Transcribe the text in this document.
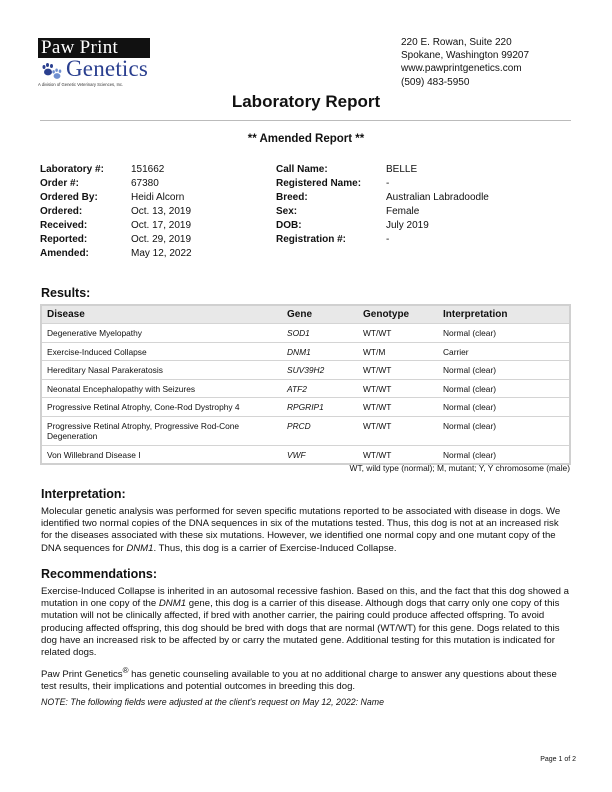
Paw Print
Genetics
A division of Genetic Veterinary Sciences, Inc.
220 E. Rowan, Suite 220
Spokane, Washington 99207
www.pawprintgenetics.com
(509) 483-5950
Laboratory Report
** Amended Report **
Laboratory #:	151662
Order #:	67380
Ordered By:	Heidi Alcorn
Ordered:	Oct. 13, 2019
Received:	Oct. 17, 2019
Reported:	Oct. 29, 2019
Amended:	May 12, 2022
Call Name:	BELLE
Registered Name:	-
Breed:	Australian Labradoodle
Sex:	Female
DOB:	July 2019
Registration #:	-
Results:
Disease	Gene	Genotype	Interpretation
Degenerative Myelopathy	SOD1	WT/WT	Normal (clear)
Exercise-Induced Collapse	DNM1	WT/M	Carrier
Hereditary Nasal Parakeratosis	SUV39H2	WT/WT	Normal (clear)
Neonatal Encephalopathy with Seizures	ATF2	WT/WT	Normal (clear)
Progressive Retinal Atrophy, Cone-Rod Dystrophy 4	RPGRIP1	WT/WT	Normal (clear)
Progressive Retinal Atrophy, Progressive Rod-Cone Degeneration
PRCD	WT/WT	Normal (clear)
Von Willebrand Disease I	VWF	WT/WT	Normal (clear)
WT, wild type (normal); M, mutant; Y, Y chromosome (male)
Interpretation:
Molecular genetic analysis was performed for seven specific mutations reported to be associated with disease in dogs. We identified two normal copies of the DNA sequences in six of the mutations tested. Thus, this dog is not at an increased risk for the diseases associated with these six mutations. However, we identified one normal copy and one mutant copy of the DNA sequences for DNM1. Thus, this dog is a carrier of Exercise-Induced Collapse.
Recommendations:
Exercise-Induced Collapse is inherited in an autosomal recessive fashion. Based on this, and the fact that this dog showed a mutation in one copy of the DNM1 gene, this dog is a carrier of this disease. Although dogs that carry only one copy of this mutation will not be clinically affected, if bred with another carrier, the pairing could produce affected offspring. To avoid producing affected offspring, this dog should be bred with dogs that are normal (WT/WT) for this gene. Dogs related to this dog have an increased risk to be affected by or carry the mutated gene. Additional testing for this mutation is indicated for related dogs.
Paw Print Genetics® has genetic counseling available to you at no additional charge to answer any questions about these test results, their implications and potential outcomes in breeding this dog.
NOTE: The following fields were adjusted at the client's request on May 12, 2022: Name
Page 1 of 2
